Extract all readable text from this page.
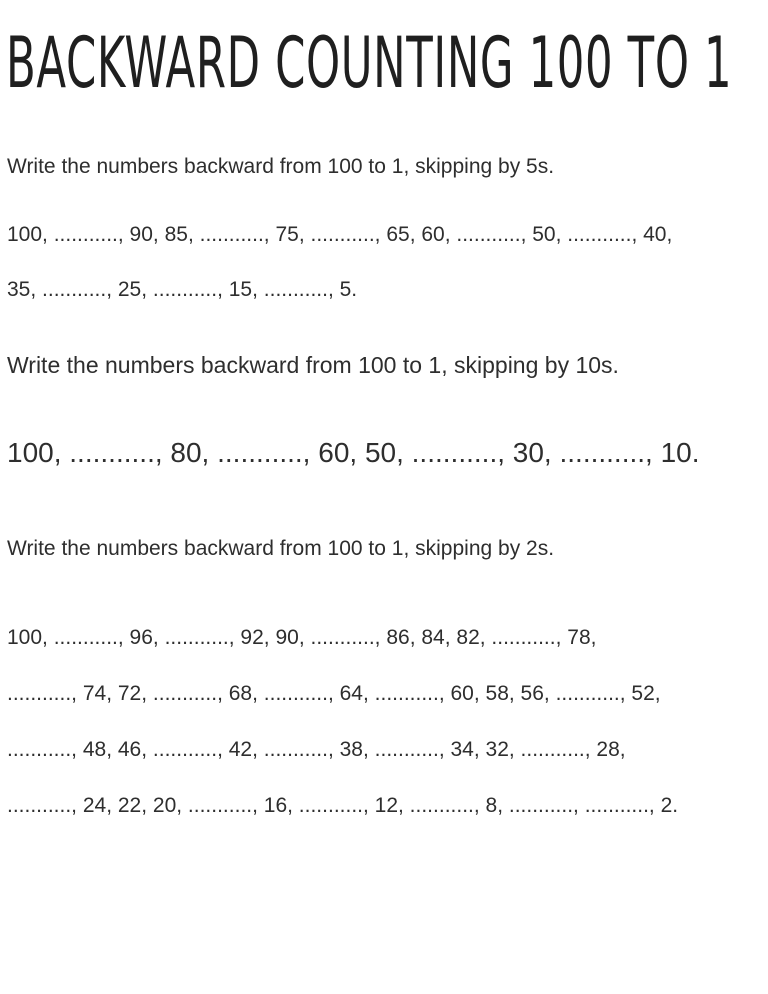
BACKWARD COUNTING 100 TO 1

Write the numbers backward from 100 to 1, skipping by 5s.

100, ..........., 90, 85, ..........., 75, ..........., 65, 60, ..........., 50, ..........., 40,

35, ..........., 25, ..........., 15, ..........., 5.

Write the numbers backward from 100 to 1, skipping by 10s.

100, ..........., 80, ..........., 60, 50, ..........., 30, ..........., 10.

Write the numbers backward from 100 to 1, skipping by 2s.

100, ..........., 96, ..........., 92, 90, ..........., 86, 84, 82, ..........., 78,

..........., 74, 72, ..........., 68, ..........., 64, ..........., 60, 58, 56, ..........., 52,

..........., 48, 46, ..........., 42, ..........., 38, ..........., 34, 32, ..........., 28,

..........., 24, 22, 20, ..........., 16, ..........., 12, ..........., 8, ..........., ..........., 2.
